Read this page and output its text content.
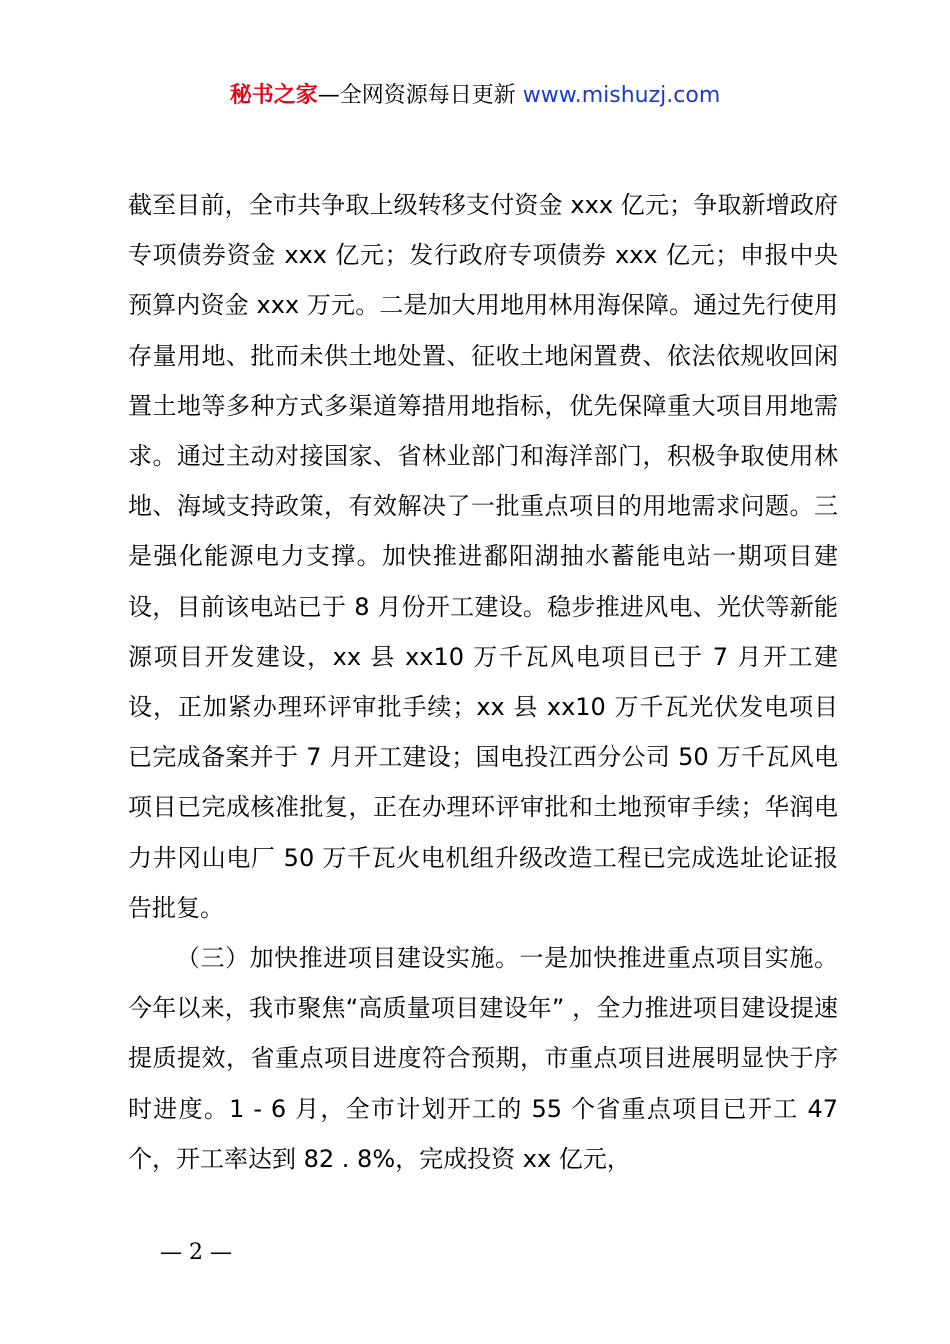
秘书之家—全网资源每日更新 www.mishuzj.com

截至目前，全市共争取上级转移支付资金 xxx 亿元；争取新增政府专项债券资金 xxx 亿元；发行政府专项债券 xxx 亿元；申报中央预算内资金 xxx 万元。二是加大用地用林用海保障。通过先行使用存量用地、批而未供土地处置、征收土地闲置费、依法依规收回闲置土地等多种方式多渠道筹措用地指标，优先保障重大项目用地需求。通过主动对接国家、省林业部门和海洋部门，积极争取使用林地、海域支持政策，有效解决了一批重点项目的用地需求问题。三是强化能源电力支撑。加快推进鄱阳湖抽水蓄能电站一期项目建设，目前该电站已于 8 月份开工建设。稳步推进风电、光伏等新能源项目开发建设，xx 县 xx10 万千瓦风电项目已于 7 月开工建设，正加紧办理环评审批手续；xx 县 xx10 万千瓦光伏发电项目已完成备案并于 7 月开工建设；国电投江西分公司 50 万千瓦风电项目已完成核准批复，正在办理环评审批和土地预审手续；华润电力井冈山电厂 50 万千瓦火电机组升级改造工程已完成选址论证报告批复。

（三）加快推进项目建设实施。一是加快推进重点项目实施。今年以来，我市聚焦“高质量项目建设年” ，全力推进项目建设提速提质提效，省重点项目进度符合预期，市重点项目进展明显快于序时进度。1 - 6 月，全市计划开工的 55 个省重点项目已开工 47 个，开工率达到 82 . 8%，完成投资 xx 亿元，

— 2 —
